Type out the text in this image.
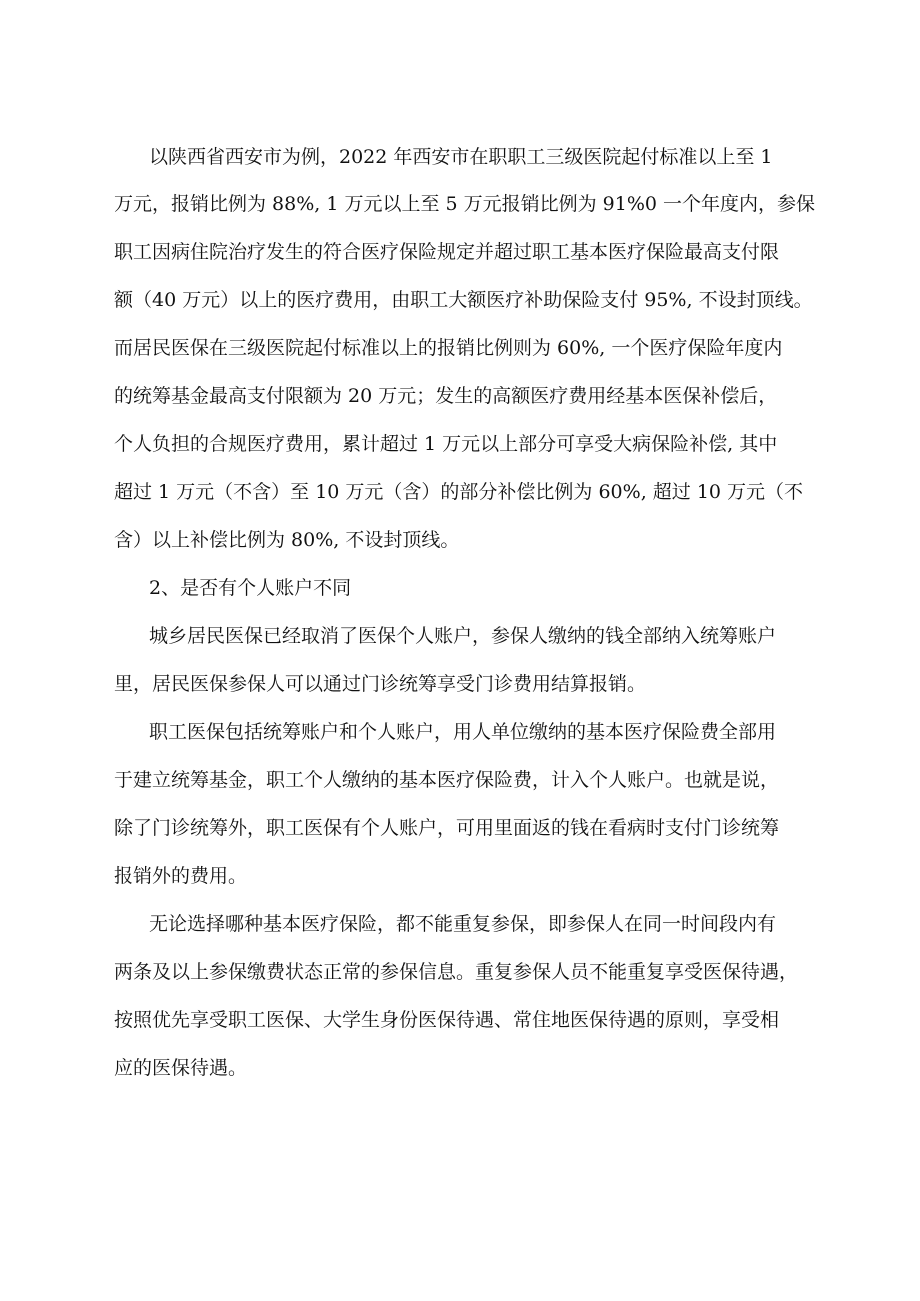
以陕西省西安市为例，2022 年西安市在职职工三级医院起付标准以上至 1

万元，报销比例为 88%, 1 万元以上至 5 万元报销比例为 91%0 一个年度内，参保

职工因病住院治疗发生的符合医疗保险规定并超过职工基本医疗保险最高支付限

额（40 万元）以上的医疗费用，由职工大额医疗补助保险支付 95%, 不设封顶线。

而居民医保在三级医院起付标准以上的报销比例则为 60%, 一个医疗保险年度内

的统筹基金最高支付限额为 20 万元；发生的高额医疗费用经基本医保补偿后，

个人负担的合规医疗费用，累计超过 1 万元以上部分可享受大病保险补偿, 其中

超过 1 万元（不含）至 10 万元（含）的部分补偿比例为 60%, 超过 10 万元（不

含）以上补偿比例为 80%, 不设封顶线。

2、是否有个人账户不同

城乡居民医保已经取消了医保个人账户，参保人缴纳的钱全部纳入统筹账户

里，居民医保参保人可以通过门诊统筹享受门诊费用结算报销。

职工医保包括统筹账户和个人账户，用人单位缴纳的基本医疗保险费全部用

于建立统筹基金，职工个人缴纳的基本医疗保险费，计入个人账户。也就是说，

除了门诊统筹外，职工医保有个人账户，可用里面返的钱在看病时支付门诊统筹

报销外的费用。

无论选择哪种基本医疗保险，都不能重复参保，即参保人在同一时间段内有

两条及以上参保缴费状态正常的参保信息。重复参保人员不能重复享受医保待遇，

按照优先享受职工医保、大学生身份医保待遇、常住地医保待遇的原则，享受相

应的医保待遇。
